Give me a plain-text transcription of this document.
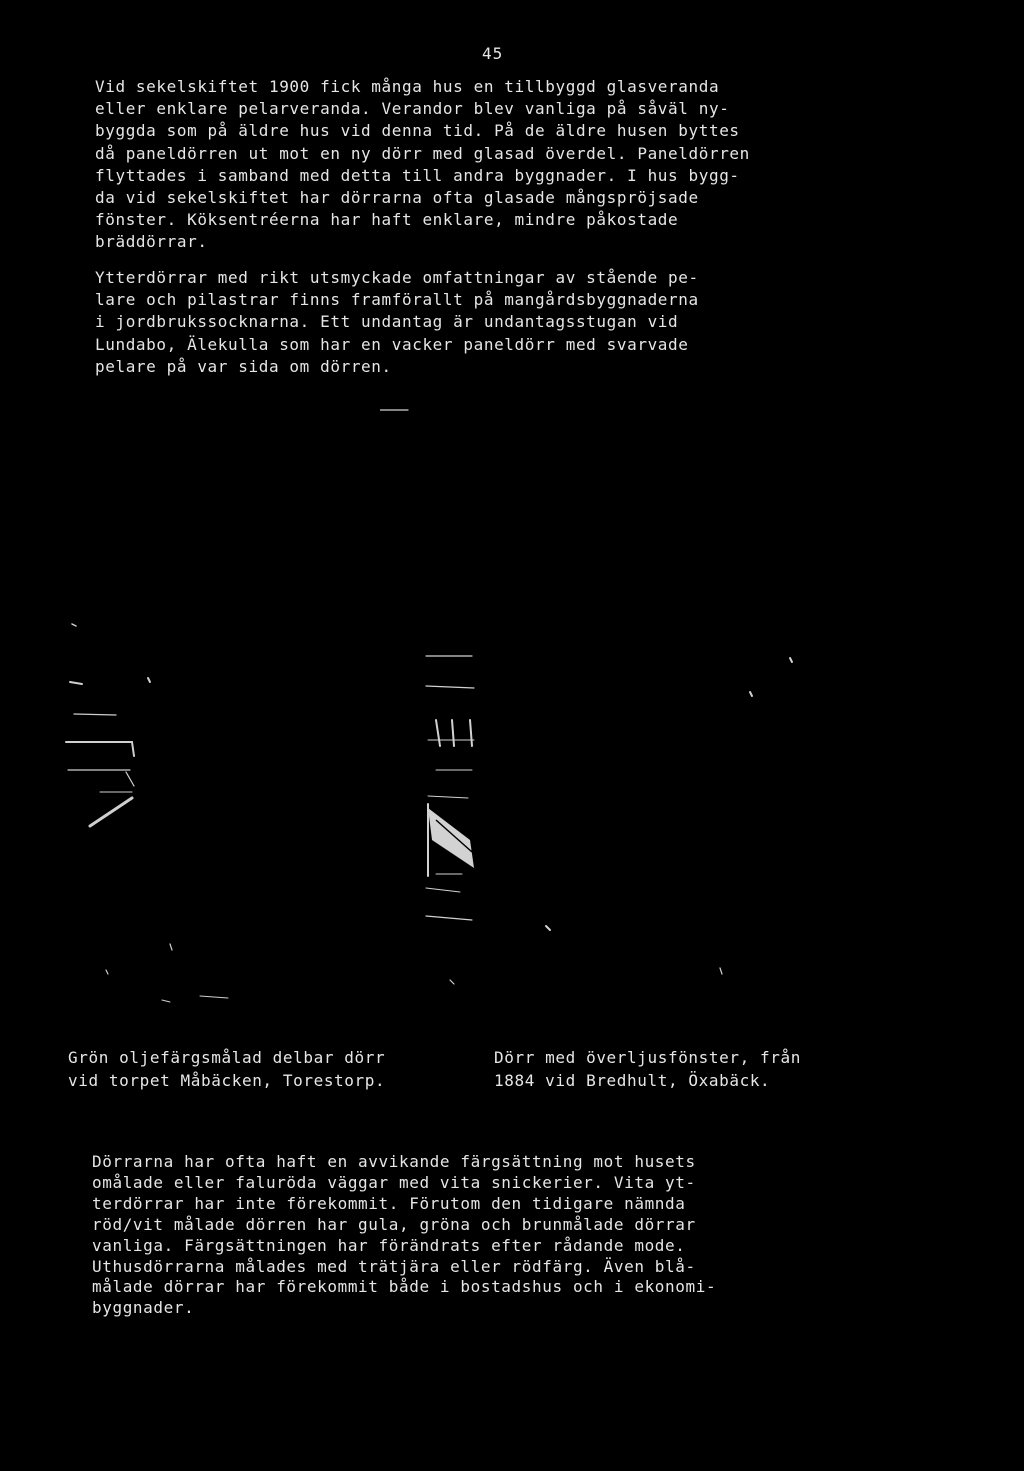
45

Vid sekelskiftet 1900 fick många hus en tillbyggd glasveranda
eller enklare pelarveranda. Verandor blev vanliga på såväl ny-
byggda som på äldre hus vid denna tid. På de äldre husen byttes
då paneldörren ut mot en ny dörr med glasad överdel. Paneldörren
flyttades i samband med detta till andra byggnader. I hus bygg-
da vid sekelskiftet har dörrarna ofta glasade mångspröjsade
fönster. Köksentréerna har haft enklare, mindre påkostade
bräddörrar.

Ytterdörrar med rikt utsmyckade omfattningar av stående pe-
lare och pilastrar finns framförallt på mangårdsbyggnaderna
i jordbrukssocknarna. Ett undantag är undantagsstugan vid
Lundabo, Älekulla som har en vacker paneldörr med svarvade
pelare på var sida om dörren.

Grön oljefärgsmålad delbar dörr
vid torpet Måbäcken, Torestorp.

Dörr med överljusfönster, från
1884 vid Bredhult, Öxabäck.

Dörrarna har ofta haft en avvikande färgsättning mot husets
omålade eller faluröda väggar med vita snickerier. Vita yt-
terdörrar har inte förekommit. Förutom den tidigare nämnda
röd/vit målade dörren har gula, gröna och brunmålade dörrar
vanliga. Färgsättningen har förändrats efter rådande mode.
Uthusdörrarna målades med trätjära eller rödfärg. Även blå-
målade dörrar har förekommit både i bostadshus och i ekonomi-
byggnader.
